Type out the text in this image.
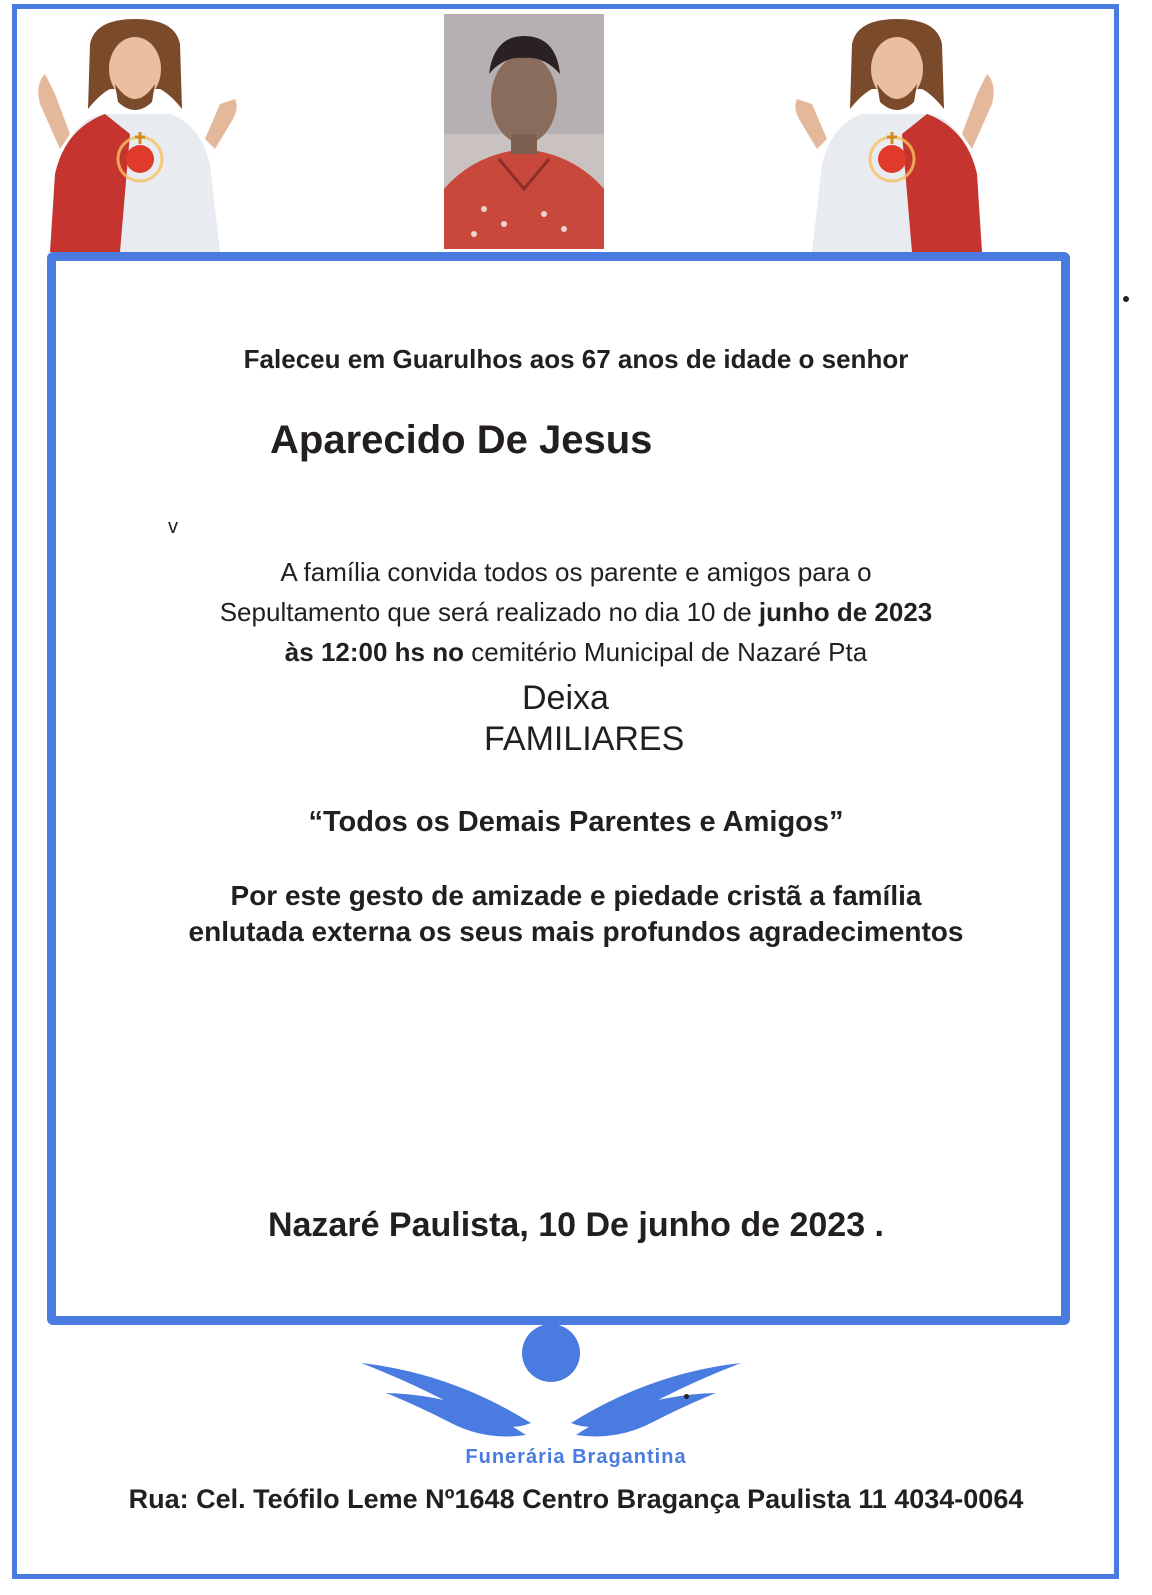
Faleceu em Guarulhos aos 67 anos de idade o senhor
Aparecido De Jesus
v
A família convida todos os parente e amigos para o
Sepultamento que será realizado no dia 10 de junho de 2023
às 12:00 hs no cemitério Municipal de Nazaré Pta
Deixa
FAMILIARES
“Todos os Demais Parentes e Amigos”
Por este gesto de amizade e piedade cristã a família
enlutada externa os seus mais profundos agradecimentos
Nazaré Paulista, 10 De junho de 2023 .
Funerária Bragantina
Rua: Cel. Teófilo Leme Nº1648 Centro Bragança Paulista 11 4034-0064
